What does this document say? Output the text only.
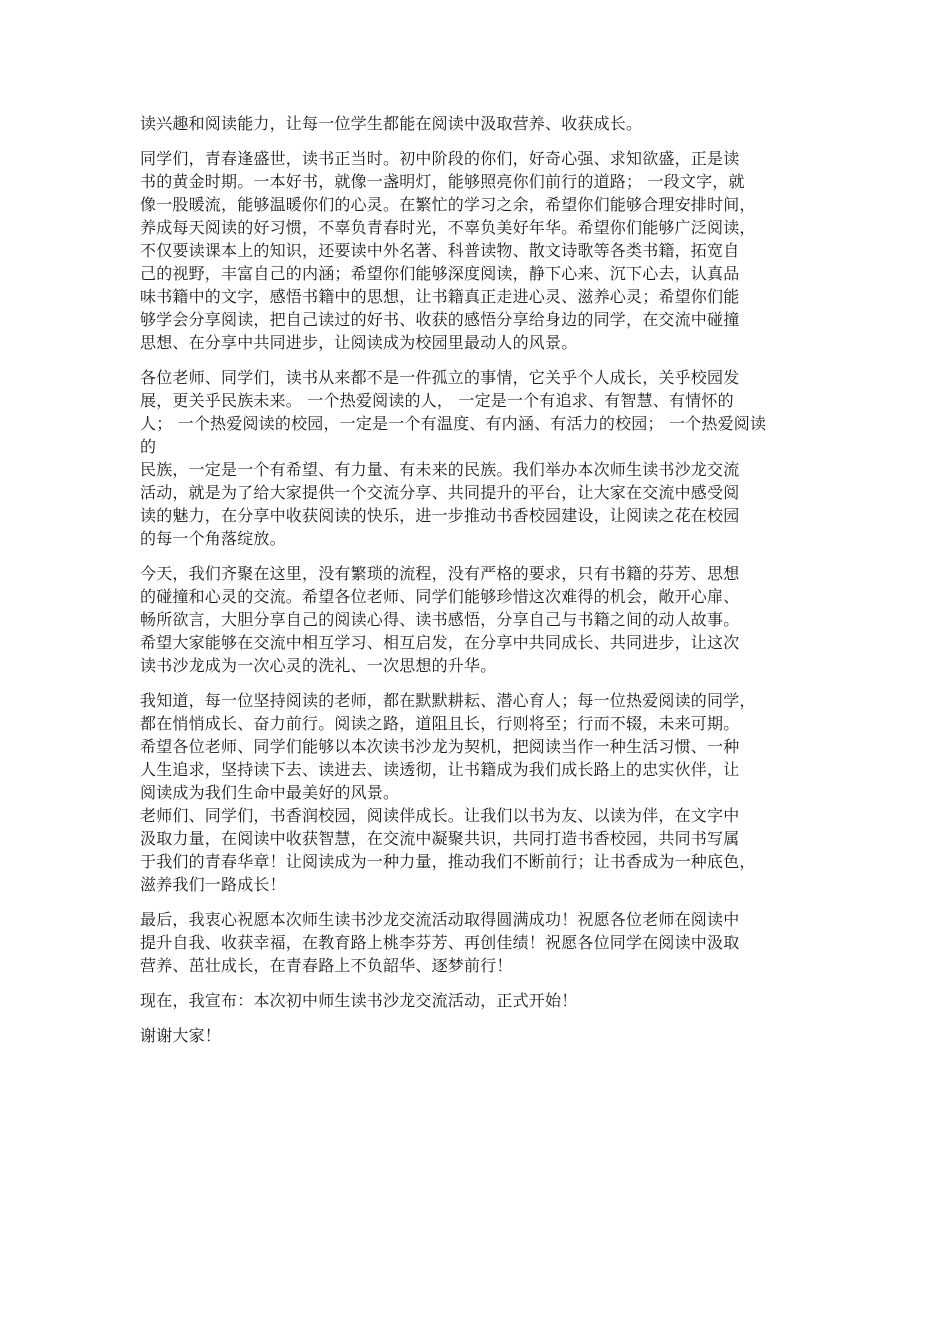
读兴趣和阅读能力，让每一位学生都能在阅读中汲取营养、收获成长。

同学们，青春逢盛世，读书正当时。初中阶段的你们，好奇心强、求知欲盛，正是读
书的黄金时期。一本好书，就像一盏明灯，能够照亮你们前行的道路； 一段文字，就
像一股暖流，能够温暖你们的心灵。在繁忙的学习之余，希望你们能够合理安排时间，
养成每天阅读的好习惯，不辜负青春时光，不辜负美好年华。希望你们能够广泛阅读，
不仅要读课本上的知识，还要读中外名著、科普读物、散文诗歌等各类书籍，拓宽自
己的视野，丰富自己的内涵；希望你们能够深度阅读，静下心来、沉下心去，认真品
味书籍中的文字，感悟书籍中的思想，让书籍真正走进心灵、滋养心灵；希望你们能
够学会分享阅读，把自己读过的好书、收获的感悟分享给身边的同学，在交流中碰撞
思想、在分享中共同进步，让阅读成为校园里最动人的风景。

各位老师、同学们，读书从来都不是一件孤立的事情，它关乎个人成长，关乎校园发
展，更关乎民族未来。 一个热爱阅读的人， 一定是一个有追求、有智慧、有情怀的
人； 一个热爱阅读的校园，一定是一个有温度、有内涵、有活力的校园； 一个热爱阅读
的
民族，一定是一个有希望、有力量、有未来的民族。我们举办本次师生读书沙龙交流
活动，就是为了给大家提供一个交流分享、共同提升的平台，让大家在交流中感受阅
读的魅力，在分享中收获阅读的快乐，进一步推动书香校园建设，让阅读之花在校园
的每一个角落绽放。

今天，我们齐聚在这里，没有繁琐的流程，没有严格的要求，只有书籍的芬芳、思想
的碰撞和心灵的交流。希望各位老师、同学们能够珍惜这次难得的机会，敞开心扉、
畅所欲言，大胆分享自己的阅读心得、读书感悟，分享自己与书籍之间的动人故事。
希望大家能够在交流中相互学习、相互启发，在分享中共同成长、共同进步，让这次
读书沙龙成为一次心灵的洗礼、一次思想的升华。

我知道，每一位坚持阅读的老师，都在默默耕耘、潜心育人；每一位热爱阅读的同学，
都在悄悄成长、奋力前行。阅读之路，道阻且长，行则将至；行而不辍，未来可期。
希望各位老师、同学们能够以本次读书沙龙为契机，把阅读当作一种生活习惯、一种
人生追求，坚持读下去、读进去、读透彻，让书籍成为我们成长路上的忠实伙伴，让
阅读成为我们生命中最美好的风景。
老师们、同学们，书香润校园，阅读伴成长。让我们以书为友、以读为伴，在文字中
汲取力量，在阅读中收获智慧，在交流中凝聚共识，共同打造书香校园，共同书写属
于我们的青春华章！让阅读成为一种力量，推动我们不断前行；让书香成为一种底色，
滋养我们一路成长！

最后，我衷心祝愿本次师生读书沙龙交流活动取得圆满成功！祝愿各位老师在阅读中
提升自我、收获幸福，在教育路上桃李芬芳、再创佳绩！祝愿各位同学在阅读中汲取
营养、茁壮成长，在青春路上不负韶华、逐梦前行！

现在，我宣布：本次初中师生读书沙龙交流活动，正式开始！

谢谢大家！
